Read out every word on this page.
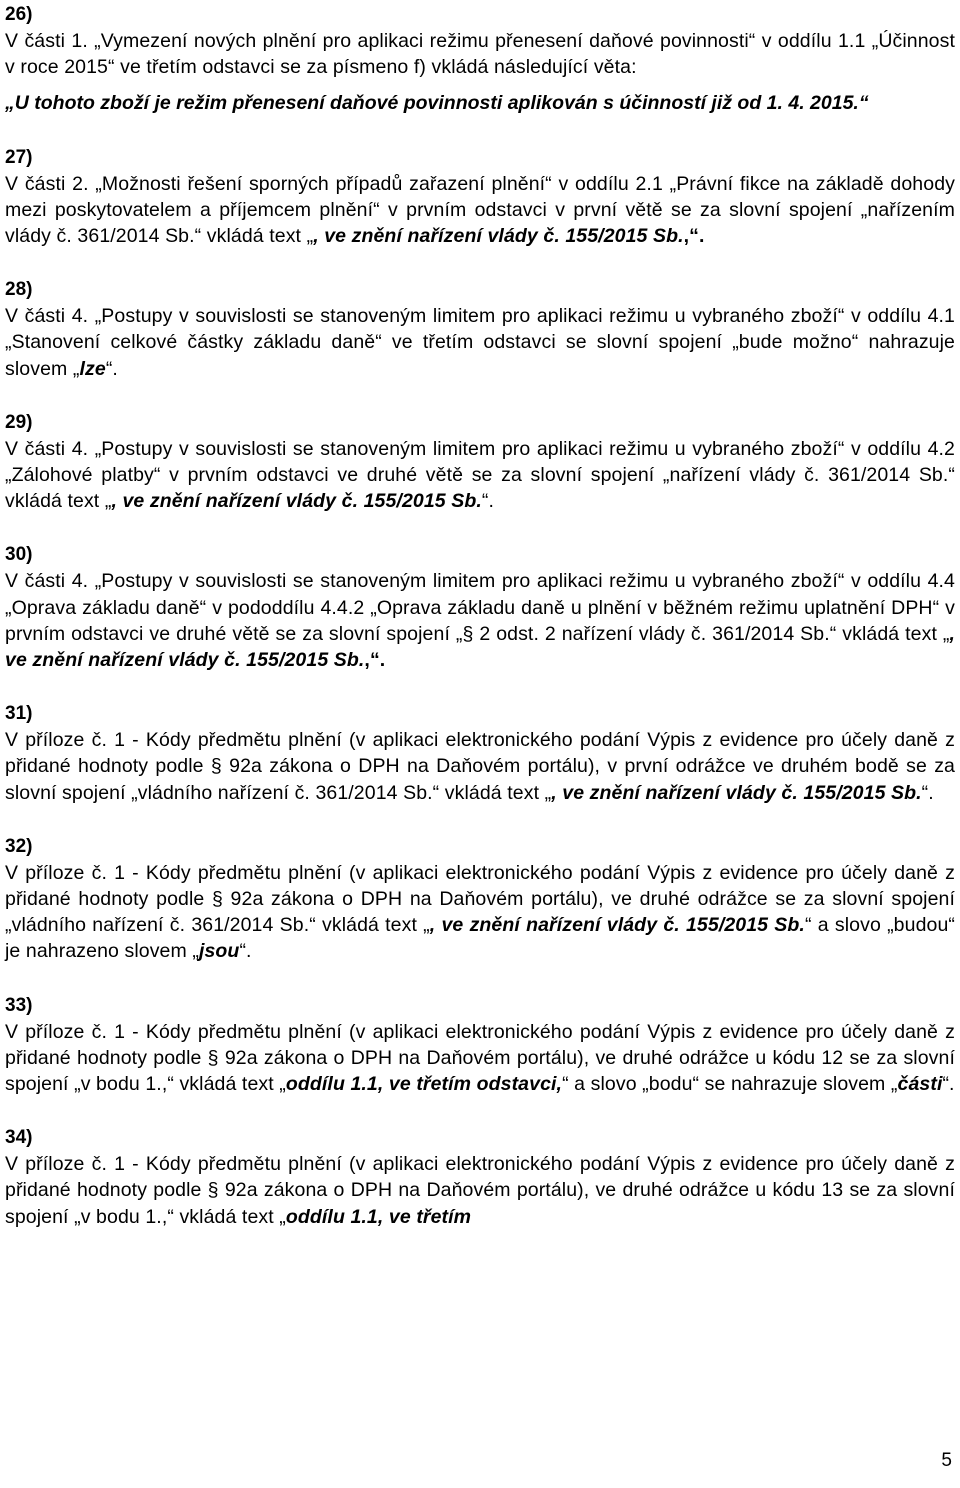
26)

V části 1. „Vymezení nových plnění pro aplikaci režimu přenesení daňové povinnosti“ v oddílu 1.1 „Účinnost v roce 2015“ ve třetím odstavci se za písmeno f) vkládá následující věta:

„U tohoto zboží je režim přenesení daňové povinnosti aplikován s účinností již od 1. 4. 2015.“

27)

V části 2. „Možnosti řešení sporných případů zařazení plnění“ v oddílu 2.1 „Právní fikce na základě dohody mezi poskytovatelem a příjemcem plnění“ v prvním odstavci v první větě se za slovní spojení „nařízením vlády č. 361/2014 Sb.“ vkládá text „, ve znění nařízení vlády č. 155/2015 Sb.,“.

28)

V části 4. „Postupy v souvislosti se stanoveným limitem pro aplikaci režimu u vybraného zboží“ v oddílu 4.1 „Stanovení celkové částky základu daně“ ve třetím odstavci se slovní spojení „bude možno“ nahrazuje slovem „lze“.

29)

V části 4. „Postupy v souvislosti se stanoveným limitem pro aplikaci režimu u vybraného zboží“ v oddílu 4.2 „Zálohové platby“ v prvním odstavci ve druhé větě se za slovní spojení „nařízení vlády č. 361/2014 Sb.“ vkládá text „, ve znění nařízení vlády č. 155/2015 Sb.“.

30)

V části 4. „Postupy v souvislosti se stanoveným limitem pro aplikaci režimu u vybraného zboží“ v oddílu 4.4 „Oprava základu daně“ v pododdílu 4.4.2 „Oprava základu daně u plnění v běžném režimu uplatnění DPH“ v prvním odstavci ve druhé větě se za slovní spojení „§ 2 odst. 2 nařízení vlády č. 361/2014 Sb.“ vkládá text „, ve znění nařízení vlády č. 155/2015 Sb.,“.

31)

V příloze č. 1 - Kódy předmětu plnění (v aplikaci elektronického podání Výpis z evidence pro účely daně z přidané hodnoty podle § 92a zákona o DPH na Daňovém portálu), v první odrážce ve druhém bodě se za slovní spojení „vládního nařízení č. 361/2014 Sb.“ vkládá text „, ve znění nařízení vlády č. 155/2015 Sb.“.

32)

V příloze č. 1 - Kódy předmětu plnění (v aplikaci elektronického podání Výpis z evidence pro účely daně z přidané hodnoty podle § 92a zákona o DPH na Daňovém portálu), ve druhé odrážce se za slovní spojení „vládního nařízení č. 361/2014 Sb.“ vkládá text „, ve znění nařízení vlády č. 155/2015 Sb.“ a slovo „budou“ je nahrazeno slovem „jsou“.

33)

V příloze č. 1 - Kódy předmětu plnění (v aplikaci elektronického podání Výpis z evidence pro účely daně z přidané hodnoty podle § 92a zákona o DPH na Daňovém portálu), ve druhé odrážce u kódu 12 se za slovní spojení „v bodu 1.,“ vkládá text „oddílu 1.1, ve třetím odstavci,“ a slovo „bodu“ se nahrazuje slovem „části“.

34)

V příloze č. 1 - Kódy předmětu plnění (v aplikaci elektronického podání Výpis z evidence pro účely daně z přidané hodnoty podle § 92a zákona o DPH na Daňovém portálu), ve druhé odrážce u kódu 13 se za slovní spojení „v bodu 1.,“ vkládá text „oddílu 1.1, ve třetím

5
